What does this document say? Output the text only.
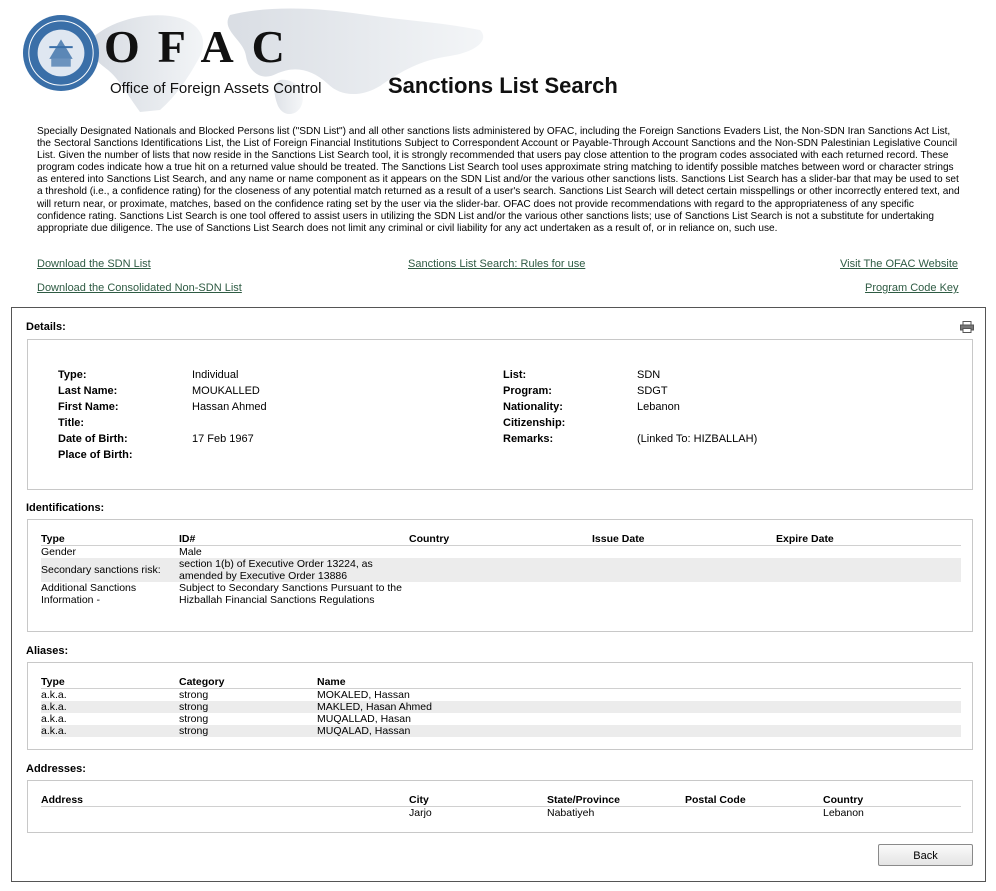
OFAC
Office of Foreign Assets Control	Sanctions List Search
Specially Designated Nationals and Blocked Persons list ("SDN List") and all other sanctions lists administered by OFAC, including the Foreign Sanctions Evaders List, the Non-SDN Iran Sanctions Act List, the Sectoral Sanctions Identifications List, the List of Foreign Financial Institutions Subject to Correspondent Account or Payable-Through Account Sanctions and the Non-SDN Palestinian Legislative Council List. Given the number of lists that now reside in the Sanctions List Search tool, it is strongly recommended that users pay close attention to the program codes associated with each returned record. These program codes indicate how a true hit on a returned value should be treated. The Sanctions List Search tool uses approximate string matching to identify possible matches between word or character strings as entered into Sanctions List Search, and any name or name component as it appears on the SDN List and/or the various other sanctions lists. Sanctions List Search has a slider-bar that may be used to set a threshold (i.e., a confidence rating) for the closeness of any potential match returned as a result of a user's search. Sanctions List Search will detect certain misspellings or other incorrectly entered text, and will return near, or proximate, matches, based on the confidence rating set by the user via the slider-bar. OFAC does not provide recommendations with regard to the appropriateness of any specific confidence rating. Sanctions List Search is one tool offered to assist users in utilizing the SDN List and/or the various other sanctions lists; use of Sanctions List Search is not a substitute for undertaking appropriate due diligence. The use of Sanctions List Search does not limit any criminal or civil liability for any act undertaken as a result of, or in reliance on, such use.
Download the SDN List	Sanctions List Search: Rules for use	Visit The OFAC Website
Download the Consolidated Non-SDN List	Program Code Key
Details:
Type:	Individual
Last Name:	MOUKALLED
First Name:	Hassan Ahmed
Title:
Date of Birth:	17 Feb 1967
Place of Birth:
List:	SDN
Program:	SDGT
Nationality:	Lebanon
Citizenship:
Remarks:	(Linked To: HIZBALLAH)
Identifications:
Type	ID#	Country	Issue Date	Expire Date
Gender	Male			
Secondary sanctions risk:	section 1(b) of Executive Order 13224, as amended by Executive Order 13886			
Additional Sanctions Information -	Subject to Secondary Sanctions Pursuant to the Hizballah Financial Sanctions Regulations			
Aliases:
Type	Category	Name
a.k.a.	strong	MOKALED, Hassan
a.k.a.	strong	MAKLED, Hasan Ahmed
a.k.a.	strong	MUQALLAD, Hasan
a.k.a.	strong	MUQALAD, Hassan
Addresses:
Address	City	State/Province	Postal Code	Country
	Jarjo	Nabatiyeh		Lebanon
Back
